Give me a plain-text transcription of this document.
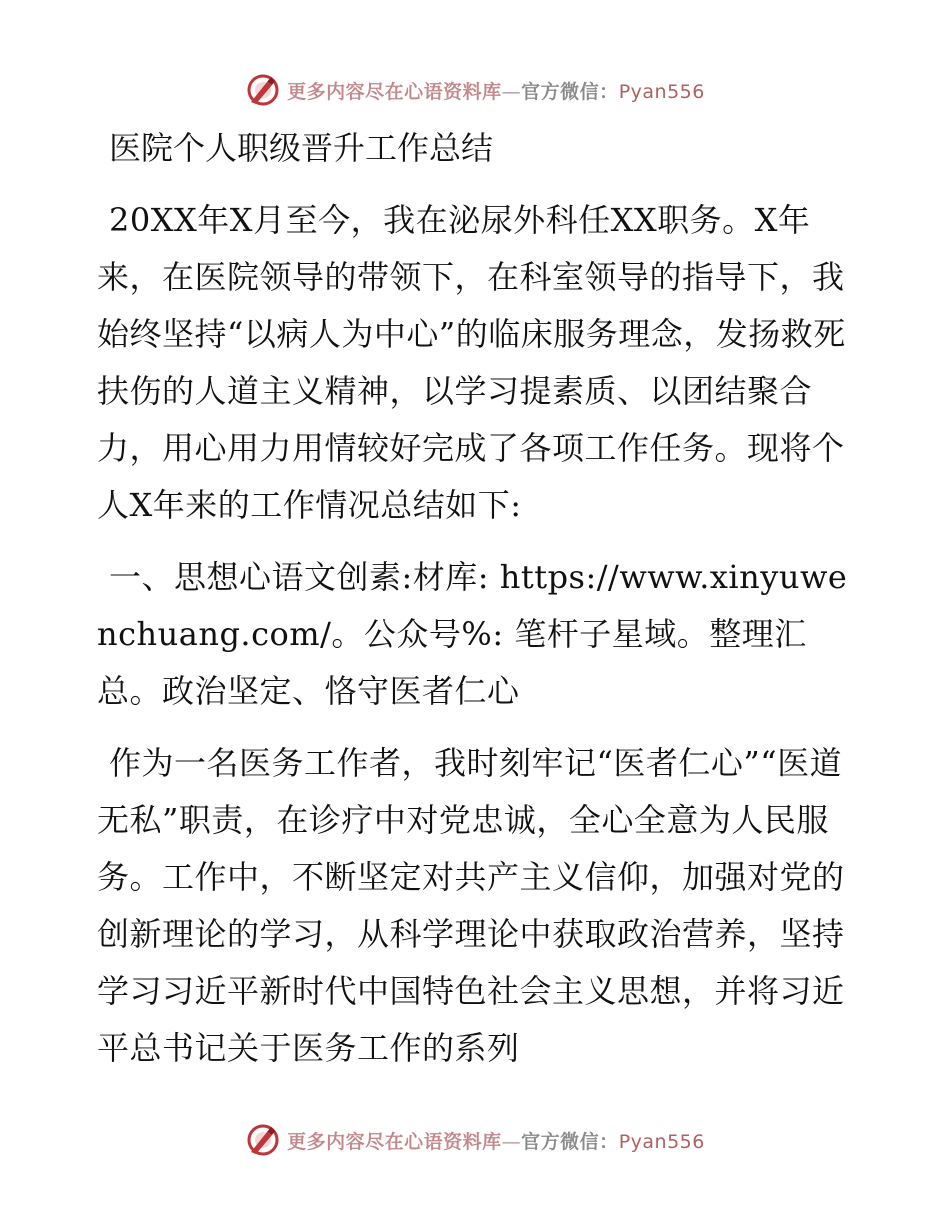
更多内容尽在心语资料库—官方微信：Pyan556
医院个人职级晋升工作总结

20XX年X月至今，我在泌尿外科任XX职务。X年来，在医院领导的带领下，在科室领导的指导下，我始终坚持“以病人为中心”的临床服务理念，发扬救死扶伤的人道主义精神，以学习提素质、以团结聚合力，用心用力用情较好完成了各项工作任务。现将个人X年来的工作情况总结如下:

一、思想心语文创素:材库: https://www.xinyuwenchuang.com/。公众号%: 笔杆子星域。整理汇总。政治坚定、恪守医者仁心

作为一名医务工作者，我时刻牢记“医者仁心”“医道无私”职责，在诊疗中对党忠诚，全心全意为人民服务。工作中，不断坚定对共产主义信仰，加强对党的创新理论的学习，从科学理论中获取政治营养，坚持学习习近平新时代中国特色社会主义思想，并将习近平总书记关于医务工作的系列

更多内容尽在心语资料库—官方微信：Pyan556
